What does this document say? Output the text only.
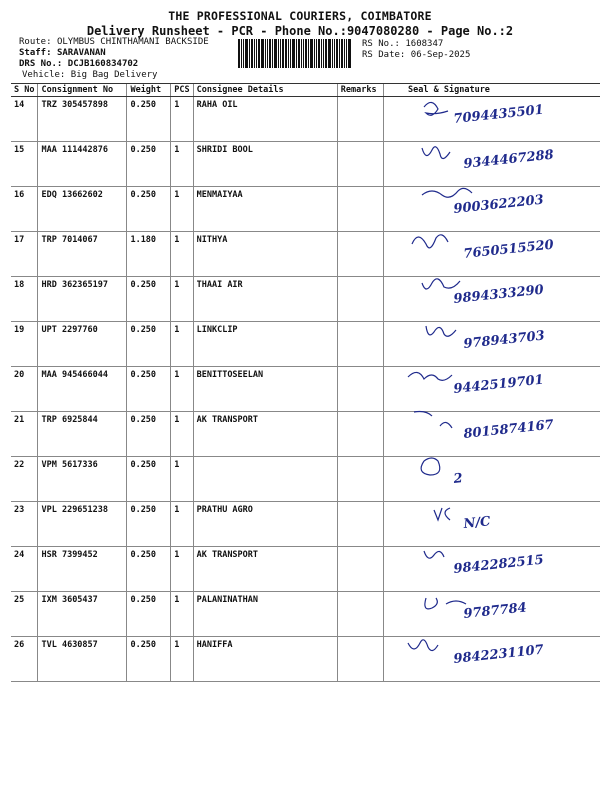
THE PROFESSIONAL COURIERS, COIMBATORE
Delivery Runsheet - PCR - Phone No.:9047080280 - Page No.:2
Route: OLYMBUS CHINTHAMANI BACKSIDE
Staff: SARAVANAN
DRS No.: DCJB160834702
Vehicle: Big Bag Delivery
RS No.: 1608347
RS Date: 06-Sep-2025
S No	Consignment No	Weight	PCS	Consignee Details	Remarks	Seal & Signature
14	TRZ 305457898	0.250	1	RAHA OIL		7094435501

15	MAA 111442876	0.250	1	SHRIDI BOOL		9344467288

16	EDQ 13662602	0.250	1	MENMAIYAA		9003622203

17	TRP 7014067	1.180	1	NITHYA		7650515520

18	HRD 362365197	0.250	1	THAAI AIR		9894333290

19	UPT 2297760	0.250	1	LINKCLIP		978943703

20	MAA 945466044	0.250	1	BENITTOSEELAN		9442519701

21	TRP 6925844	0.250	1	AK TRANSPORT		8015874167

22	VPM 5617336	0.250	1			2

23	VPL 229651238	0.250	1	PRATHU AGRO		N/C

24	HSR 7399452	0.250	1	AK TRANSPORT		9842282515

25	IXM 3605437	0.250	1	PALANINATHAN		9787784

26	TVL 4630857	0.250	1	HANIFFA		9842231107
